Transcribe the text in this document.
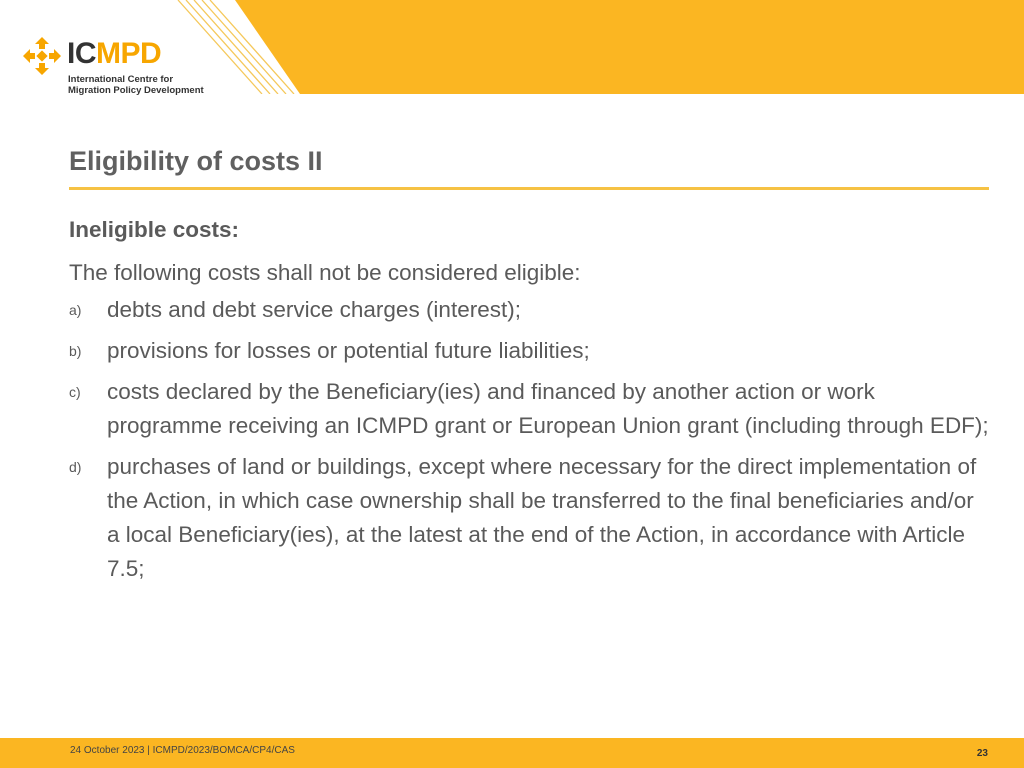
ICMPD
International Centre for
Migration Policy Development
Eligibility of costs II
Ineligible costs:
The following costs shall not be considered eligible:
a) debts and debt service charges (interest);
b) provisions for losses or potential future liabilities;
c) costs declared by the Beneficiary(ies) and financed by another action or work programme receiving an ICMPD grant or European Union grant (including through EDF);
d) purchases of land or buildings, except where necessary for the direct implementation of the Action, in which case ownership shall be transferred to the final beneficiaries and/or a local Beneficiary(ies), at the latest at the end of the Action, in accordance with Article 7.5;
24 October 2023 | ICMPD/2023/BOMCA/CP4/CAS	23
